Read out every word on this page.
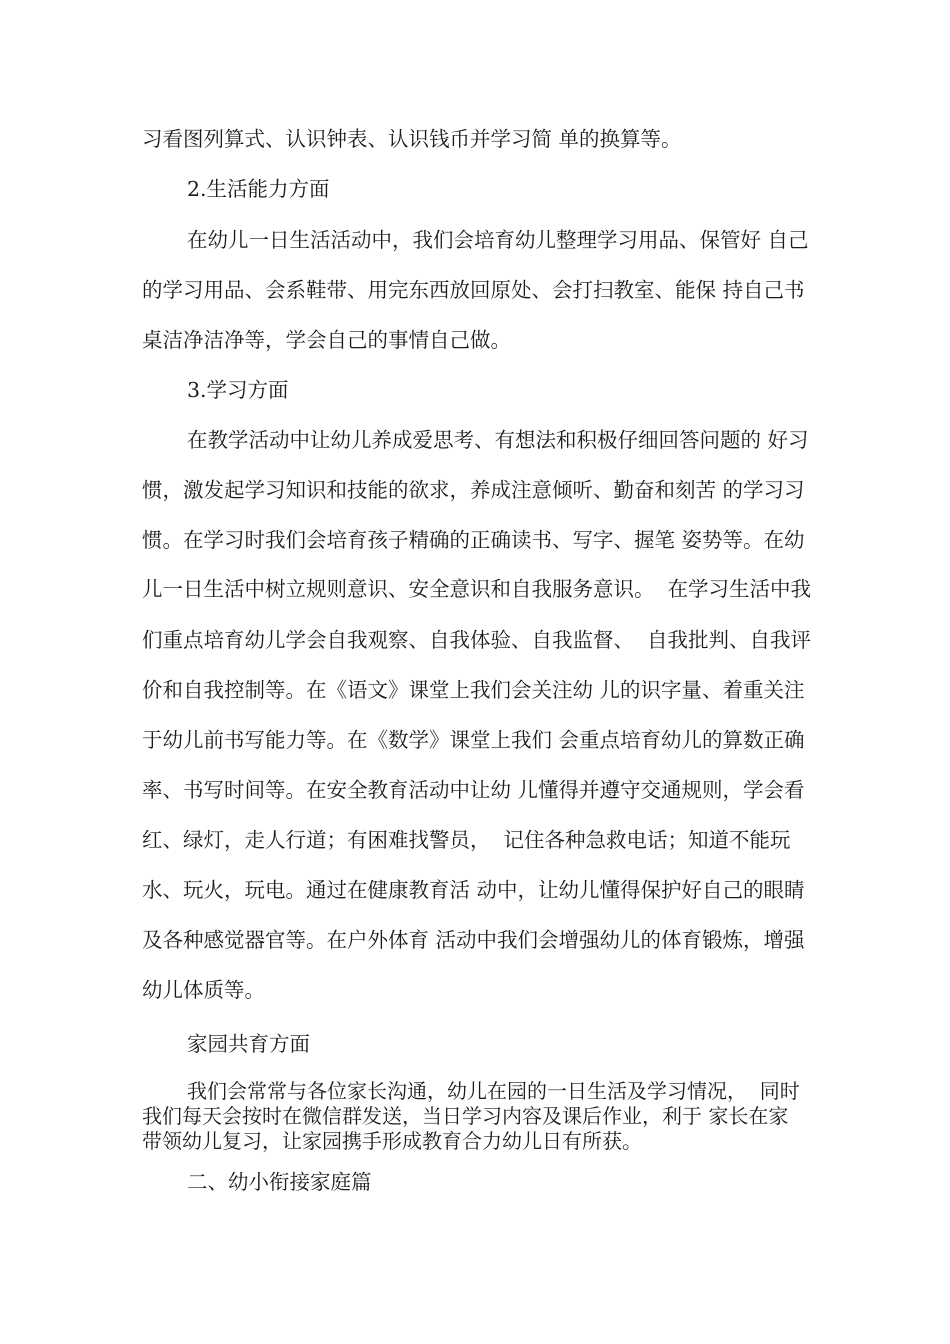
习看图列算式、认识钟表、认识钱币并学习简 单的换算等。
2.生活能力方面
在幼儿一日生活活动中，我们会培育幼儿整理学习用品、保管好 自己
的学习用品、会系鞋带、用完东西放回原处、会打扫教室、能保 持自己书
桌洁净洁净等，学会自己的事情自己做。
3.学习方面
在教学活动中让幼儿养成爱思考、有想法和积极仔细回答问题的 好习
惯，激发起学习知识和技能的欲求，养成注意倾听、勤奋和刻苦 的学习习
惯。在学习时我们会培育孩子精确的正确读书、写字、握笔 姿势等。在幼
儿一日生活中树立规则意识、安全意识和自我服务意识。  在学习生活中我
们重点培育幼儿学会自我观察、自我体验、自我监督、  自我批判、自我评
价和自我控制等。在《语文》课堂上我们会关注幼 儿的识字量、着重关注
于幼儿前书写能力等。在《数学》课堂上我们 会重点培育幼儿的算数正确
率、书写时间等。在安全教育活动中让幼 儿懂得并遵守交通规则，学会看
红、绿灯，走人行道；有困难找警员，  记住各种急救电话；知道不能玩
水、玩火，玩电。通过在健康教育活 动中，让幼儿懂得保护好自己的眼睛
及各种感觉器官等。在户外体育 活动中我们会增强幼儿的体育锻炼，增强
幼儿体质等。
家园共育方面
我们会常常与各位家长沟通，幼儿在园的一日生活及学习情况，  同时
我们每天会按时在微信群发送，当日学习内容及课后作业，利于 家长在家
带领幼儿复习，让家园携手形成教育合力幼儿日有所获。
二、幼小衔接家庭篇
